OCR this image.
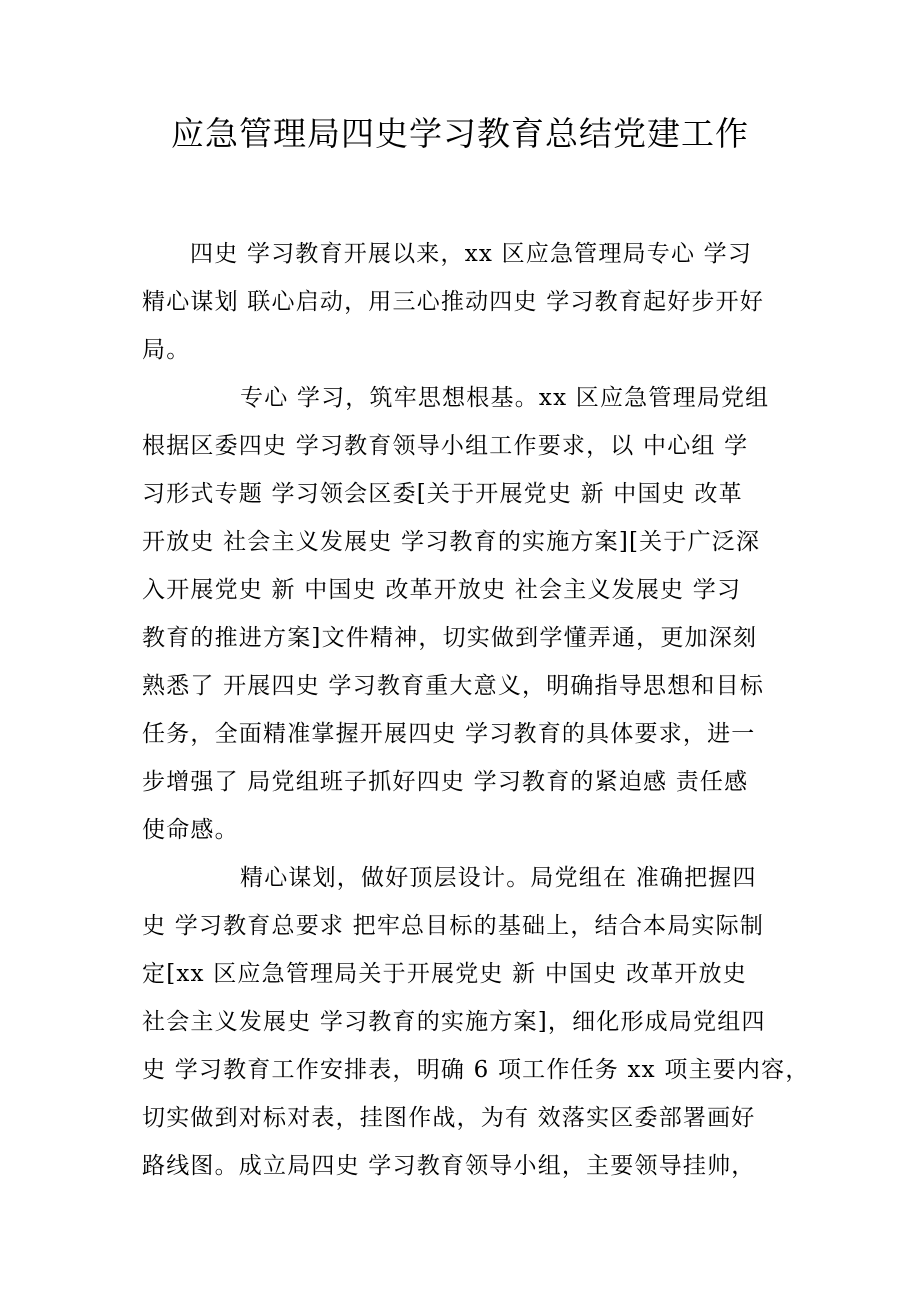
应急管理局四史学习教育总结党建工作

四史 学习教育开展以来，xx 区应急管理局专心 学习
精心谋划 联心启动，用三心推动四史 学习教育起好步开好
局。

专心 学习，筑牢思想根基。xx 区应急管理局党组
根据区委四史 学习教育领导小组工作要求，以 中心组 学
习形式专题 学习领会区委[关于开展党史 新 中国史 改革
开放史 社会主义发展史 学习教育的实施方案][关于广泛深
入开展党史 新 中国史 改革开放史 社会主义发展史 学习
教育的推进方案]文件精神，切实做到学懂弄通，更加深刻
熟悉了 开展四史 学习教育重大意义，明确指导思想和目标
任务，全面精准掌握开展四史 学习教育的具体要求，进一
步增强了 局党组班子抓好四史 学习教育的紧迫感 责任感
使命感。

精心谋划，做好顶层设计。局党组在 准确把握四
史 学习教育总要求 把牢总目标的基础上，结合本局实际制
定[xx 区应急管理局关于开展党史 新 中国史 改革开放史
社会主义发展史 学习教育的实施方案]，细化形成局党组四
史 学习教育工作安排表，明确 6 项工作任务 xx 项主要内容，
切实做到对标对表，挂图作战，为有 效落实区委部署画好
路线图。成立局四史 学习教育领导小组，主要领导挂帅，
